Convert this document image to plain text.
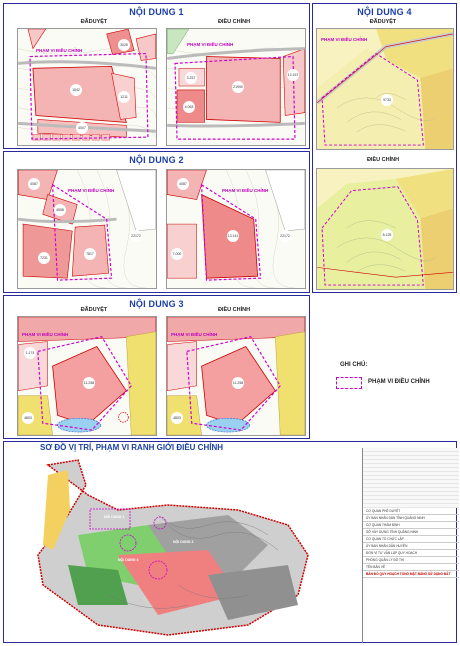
NỘI DUNG 1
ĐÃDUYỆT	ĐIỀU CHỈNH
PHẠM VI ĐIỀU CHỈNH
1542
1211
3025
4007
PHẠM VI ĐIỀU CHỈNH
21990
4.063
12.157
3.257
NỘI DUNG 4
ĐÃDUYỆT
PHẠM VI ĐIỀU CHỈNH
9733
ĐIỀU CHỈNH
8.125
NỘI DUNG 2
PHẠM VI ĐIỀU CHỈNH
4087
4558
7231
7817
22172
PHẠM VI ĐIỀU CHỈNH
4087
13.141
7.000
22172
NỘI DUNG 3
ĐÃDUYỆT	ĐIỀU CHỈNH
PHẠM VI ĐIỀU CHỈNH
1.174
11.258
4803
PHẠM VI ĐIỀU CHỈNH
11.258
4803
GHI CHÚ:
PHẠM VI ĐIỀU CHỈNH
SƠ ĐỒ VỊ TRÍ, PHẠM VI RANH GIỚI ĐIỀU CHỈNH
NỘI DUNG 1
NỘI DUNG 2
NỘI DUNG 3
NỘI DUNG 4
CƠ QUAN PHÊ DUYỆT
ỦY BAN NHÂN DÂN TỈNH QUẢNG NINH
CƠ QUAN THẨM ĐỊNH
SỞ XÂY DỰNG TỈNH QUẢNG NINH
CƠ QUAN TỔ CHỨC LẬP
ỦY BAN NHÂN DÂN HUYỆN
ĐƠN VỊ TƯ VẤN LẬP QUY HOẠCH
PHÒNG QUẢN LÝ ĐÔ THỊ
TÊN BẢN VẼ
BẢN ĐỒ QUY HOẠCH TỔNG MẶT BẰNG SỬ DỤNG ĐẤT
